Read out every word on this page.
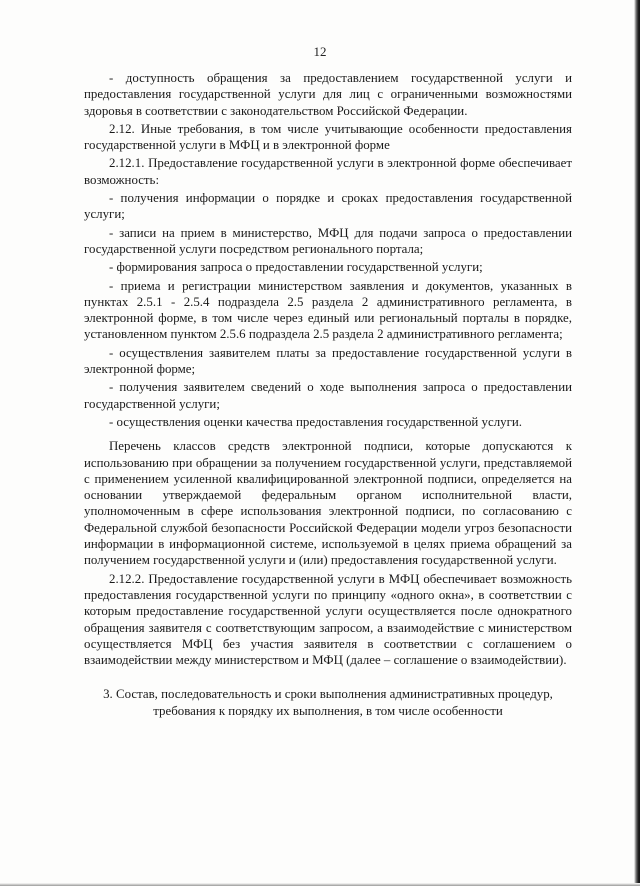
12

- доступность обращения за предоставлением государственной услуги и предоставления государственной услуги для лиц с ограниченными возможностями здоровья в соответствии с законодательством Российской Федерации.

2.12. Иные требования, в том числе учитывающие особенности предоставления государственной услуги в МФЦ и в электронной форме

2.12.1. Предоставление государственной услуги в электронной форме обеспечивает возможность:

- получения информации о порядке и сроках предоставления государственной услуги;

- записи на прием в министерство, МФЦ для подачи запроса о предоставлении государственной услуги посредством регионального портала;

- формирования запроса о предоставлении государственной услуги;

- приема и регистрации министерством заявления и документов, указанных в пунктах 2.5.1 - 2.5.4 подраздела 2.5 раздела 2 административного регламента, в электронной форме, в том числе через единый или региональный порталы в порядке, установленном пунктом 2.5.6 подраздела 2.5 раздела 2 административного регламента;

- осуществления заявителем платы за предоставление государственной услуги в электронной форме;

- получения заявителем сведений о ходе выполнения запроса о предоставлении государственной услуги;

- осуществления оценки качества предоставления государственной услуги.

Перечень классов средств электронной подписи, которые допускаются к использованию при обращении за получением государственной услуги, представляемой с применением усиленной квалифицированной электронной подписи, определяется на основании утверждаемой федеральным органом исполнительной власти, уполномоченным в сфере использования электронной подписи, по согласованию с Федеральной службой безопасности Российской Федерации модели угроз безопасности информации в информационной системе, используемой в целях приема обращений за получением государственной услуги и (или) предоставления государственной услуги.

2.12.2. Предоставление государственной услуги в МФЦ обеспечивает возможность предоставления государственной услуги по принципу «одного окна», в соответствии с которым предоставление государственной услуги осуществляется после однократного обращения заявителя с соответствующим запросом, а взаимодействие с министерством осуществляется МФЦ без участия заявителя в соответствии с соглашением о взаимодействии между министерством и МФЦ (далее – соглашение о взаимодействии).

3. Состав, последовательность и сроки выполнения административных процедур, требования к порядку их выполнения, в том числе особенности
